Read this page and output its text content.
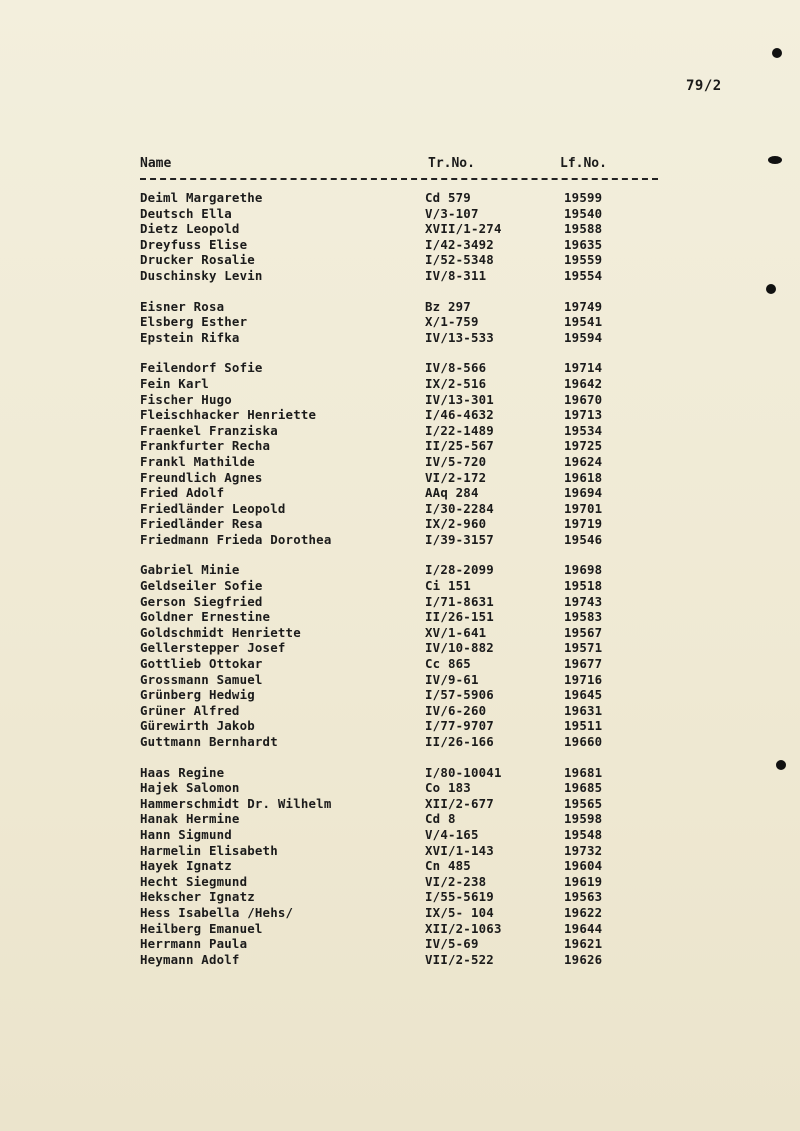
79/2
Name	Tr.No.	Lf.No.
Deiml Margarethe	Cd 579	19599
Deutsch Ella	V/3-107	19540
Dietz Leopold	XVII/1-274	19588
Dreyfuss Elise	I/42-3492	19635
Drucker Rosalie	I/52-5348	19559
Duschinsky Levin	IV/8-311	19554
Eisner Rosa	Bz 297	19749
Elsberg Esther	X/1-759	19541
Epstein Rifka	IV/13-533	19594
Feilendorf Sofie	IV/8-566	19714
Fein Karl	IX/2-516	19642
Fischer Hugo	IV/13-301	19670
Fleischhacker Henriette	I/46-4632	19713
Fraenkel Franziska	I/22-1489	19534
Frankfurter Recha	II/25-567	19725
Frankl Mathilde	IV/5-720	19624
Freundlich Agnes	VI/2-172	19618
Fried Adolf	AAq 284	19694
Friedländer Leopold	I/30-2284	19701
Friedländer Resa	IX/2-960	19719
Friedmann Frieda Dorothea	I/39-3157	19546
Gabriel Minie	I/28-2099	19698
Geldseiler Sofie	Ci 151	19518
Gerson Siegfried	I/71-8631	19743
Goldner Ernestine	II/26-151	19583
Goldschmidt Henriette	XV/1-641	19567
Gellerstepper Josef	IV/10-882	19571
Gottlieb Ottokar	Cc 865	19677
Grossmann Samuel	IV/9-61	19716
Grünberg Hedwig	I/57-5906	19645
Grüner Alfred	IV/6-260	19631
Gürewirth Jakob	I/77-9707	19511
Guttmann Bernhardt	II/26-166	19660
Haas Regine	I/80-10041	19681
Hajek Salomon	Co 183	19685
Hammerschmidt Dr. Wilhelm	XII/2-677	19565
Hanak Hermine	Cd 8	19598
Hann Sigmund	V/4-165	19548
Harmelin Elisabeth	XVI/1-143	19732
Hayek Ignatz	Cn 485	19604
Hecht Siegmund	VI/2-238	19619
Hekscher Ignatz	I/55-5619	19563
Hess Isabella /Hehs/	IX/5- 104	19622
Heilberg Emanuel	XII/2-1063	19644
Herrmann Paula	IV/5-69	19621
Heymann Adolf	VII/2-522	19626
